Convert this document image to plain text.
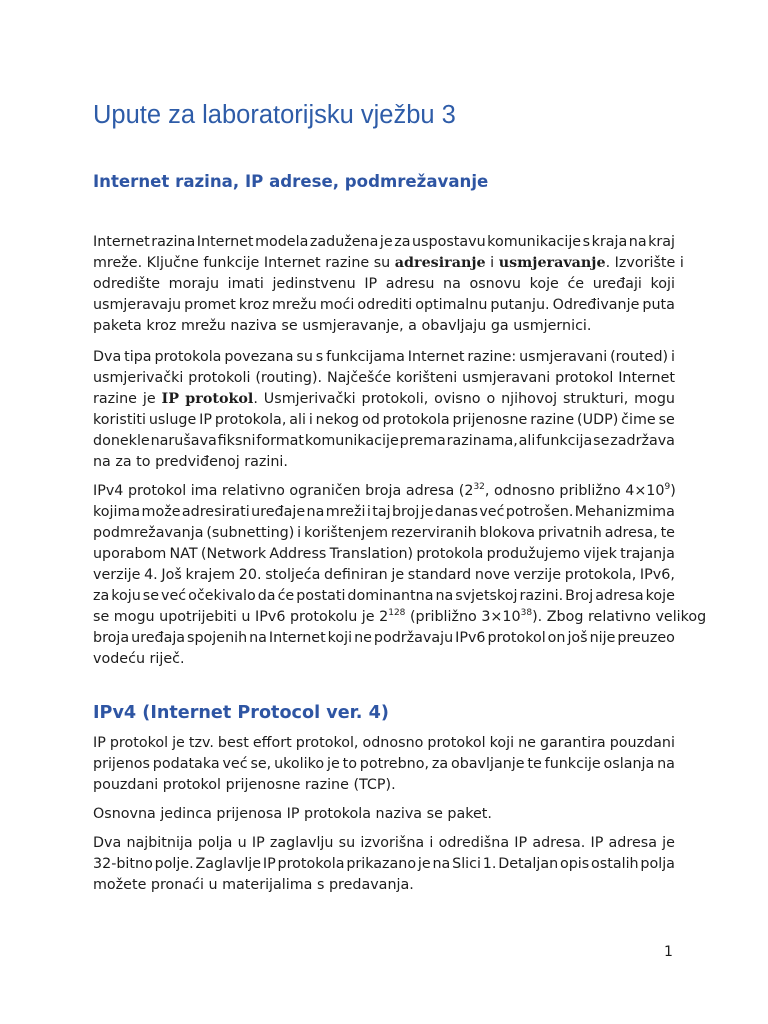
Upute za laboratorijsku vježbu 3
Internet razina, IP adrese, podmrežavanje

Internet razina Internet modela zadužena je za uspostavu komunikacije s kraja na kraj
mreže. Ključne funkcije Internet razine su adresiranje i usmjeravanje. Izvorište i
odredište moraju imati jedinstvenu IP adresu na osnovu koje će uređaji koji
usmjeravaju promet kroz mrežu moći odrediti optimalnu putanju. Određivanje puta
paketa kroz mrežu naziva se usmjeravanje, a obavljaju ga usmjernici.

Dva tipa protokola povezana su s funkcijama Internet razine: usmjeravani (routed) i
usmjerivački protokoli (routing). Najčešće korišteni usmjeravani protokol Internet
razine je IP protokol. Usmjerivački protokoli, ovisno o njihovoj strukturi, mogu
koristiti usluge IP protokola, ali i nekog od protokola prijenosne razine (UDP) čime se
donekle narušava fiksni format komunikacije prema razinama, ali funkcija se zadržava
na za to predviđenoj razini.

IPv4 protokol ima relativno ograničen broja adresa ($2^{32}$, odnosno približno $4\times 10^9$)
kojima može adresirati uređaje na mreži i taj broj je danas već potrošen. Mehanizmima
podmrežavanja (subnetting) i korištenjem rezerviranih blokova privatnih adresa, te
uporabom NAT (Network Address Translation) protokola produžujemo vijek trajanja
verzije 4. Još krajem 20. stoljeća definiran je standard nove verzije protokola, IPv6,
za koju se već očekivalo da će postati dominantna na svjetskoj razini. Broj adresa koje
se mogu upotrijebiti u IPv6 protokolu je $2^{128}$ (približno $3\times 10^{38}$). Zbog relativno velikog
broja uređaja spojenih na Internet koji ne podržavaju IPv6 protokol on još nije preuzeo
vodeću riječ.

IPv4 (Internet Protocol ver. 4)

IP protokol je tzv. best effort protokol, odnosno protokol koji ne garantira pouzdani
prijenos podataka već se, ukoliko je to potrebno, za obavljanje te funkcije oslanja na
pouzdani protokol prijenosne razine (TCP).

Osnovna jedinca prijenosa IP protokola naziva se paket.

Dva najbitnija polja u IP zaglavlju su izvorišna i odredišna IP adresa. IP adresa je
32-bitno polje. Zaglavlje IP protokola prikazano je na Slici 1. Detaljan opis ostalih polja
možete pronaći u materijalima s predavanja.

1
